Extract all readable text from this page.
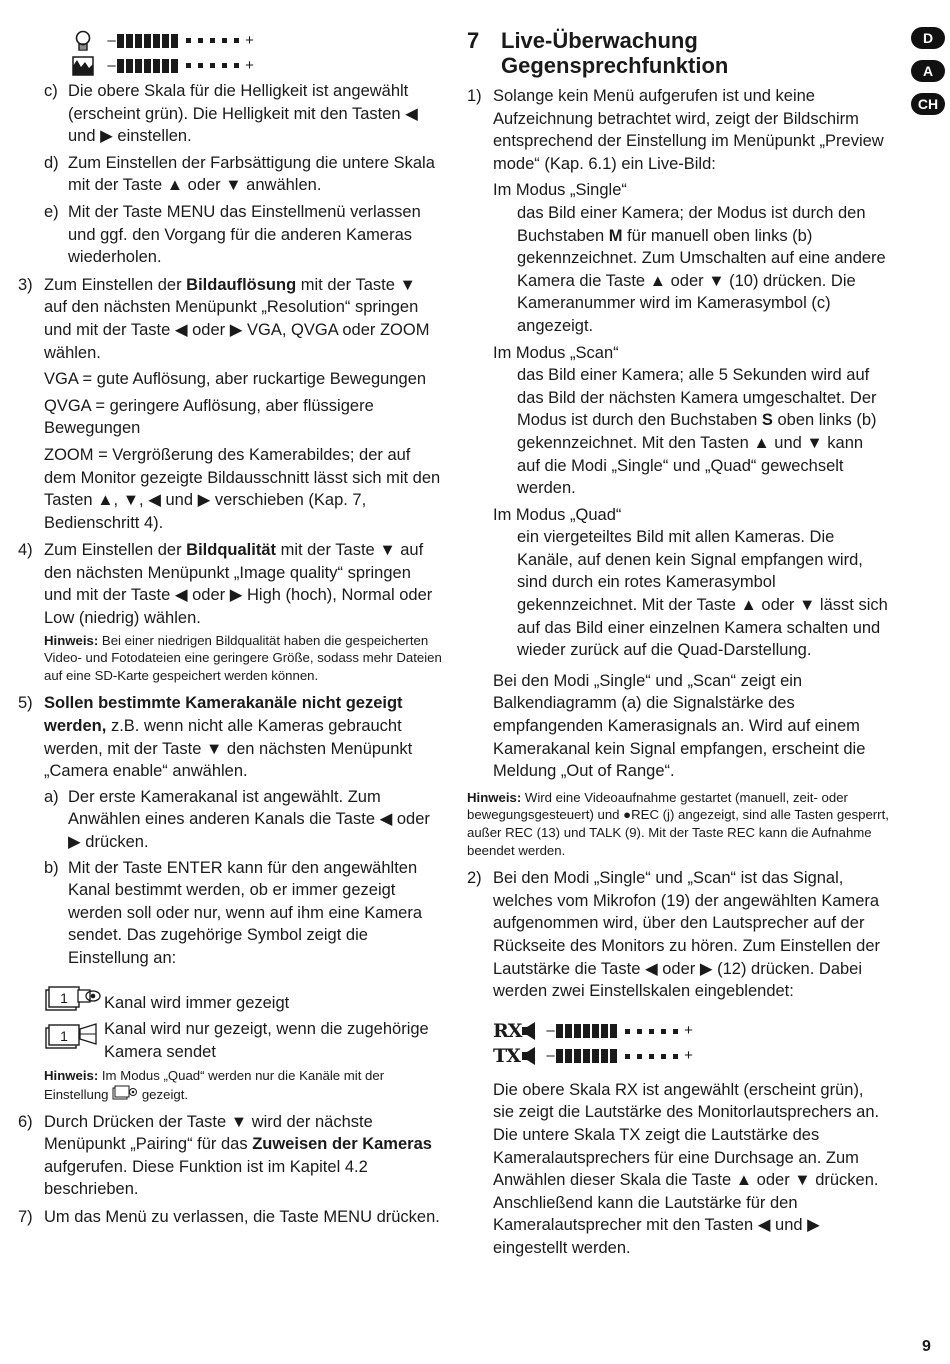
–	+
–	+
c) Die obere Skala für die Helligkeit ist angewählt (erscheint grün). Die Helligkeit mit den Tasten ◀ und ▶ einstellen.
d) Zum Einstellen der Farbsättigung die untere Skala mit der Taste ▲ oder ▼ anwählen.
e) Mit der Taste MENU das Einstellmenü verlassen und ggf. den Vorgang für die anderen Kameras wiederholen.
3) Zum Einstellen der Bildauflösung mit der Taste ▼ auf den nächsten Menüpunkt „Resolution“ springen und mit der Taste ◀ oder ▶ VGA, QVGA oder ZOOM wählen.

VGA = gute Auflösung, aber ruckartige Bewegungen

QVGA = geringere Auflösung, aber flüssigere Bewegungen

ZOOM = Vergrößerung des Kamerabildes; der auf dem Monitor gezeigte Bildausschnitt lässt sich mit den Tasten ▲, ▼, ◀ und ▶ verschieben (Kap. 7, Bedienschritt 4).

4) Zum Einstellen der Bildqualität mit der Taste ▼ auf den nächsten Menüpunkt „Image quality“ springen und mit der Taste ◀ oder ▶ High (hoch), Normal oder Low (niedrig) wählen.

Hinweis: Bei einer niedrigen Bildqualität haben die gespeicherten Video- und Fotodateien eine geringere Größe, sodass mehr Dateien auf eine SD-Karte gespeichert werden können.

5) Sollen bestimmte Kamerakanäle nicht gezeigt werden, z.B. wenn nicht alle Kameras gebraucht werden, mit der Taste ▼ den nächsten Menüpunkt „Camera enable“ anwählen.

a) Der erste Kamerakanal ist angewählt. Zum Anwählen eines anderen Kanals die Taste ◀ oder ▶ drücken.
b) Mit der Taste ENTER kann für den angewählten Kanal bestimmt werden, ob er immer gezeigt werden soll oder nur, wenn auf ihm eine Kamera sendet. Das zugehörige Symbol zeigt die Einstellung an:
1 Kanal wird immer gezeigt
1 Kanal wird nur gezeigt, wenn die zugehörige Kamera sendet

Hinweis: Im Modus „Quad“ werden nur die Kanäle mit der Einstellung  gezeigt.

6) Durch Drücken der Taste ▼ wird der nächste Menüpunkt „Pairing“ für das Zuweisen der Kameras aufgerufen. Diese Funktion ist im Kapitel 4.2 beschrieben.

7) Um das Menü zu verlassen, die Taste MENU drücken.

7 Live-Überwachung
Gegensprechfunktion
1) Solange kein Menü aufgerufen ist und keine Aufzeichnung betrachtet wird, zeigt der Bildschirm entsprechend der Einstellung im Menüpunkt „Preview mode“ (Kap. 6.1) ein Live-Bild:

Im Modus „Single“

das Bild einer Kamera; der Modus ist durch den Buchstaben M für manuell oben links (b) gekennzeichnet. Zum Umschalten auf eine andere Kamera die Taste ▲ oder ▼ (10) drücken. Die Kameranummer wird im Kamerasymbol (c) angezeigt.

Im Modus „Scan“

das Bild einer Kamera; alle 5 Sekunden wird auf das Bild der nächsten Kamera umgeschaltet. Der Modus ist durch den Buchstaben S oben links (b) gekennzeichnet. Mit den Tasten ▲ und ▼ kann auf die Modi „Single“ und „Quad“ gewechselt werden.

Im Modus „Quad“

ein viergeteiltes Bild mit allen Kameras. Die Kanäle, auf denen kein Signal empfangen wird, sind durch ein rotes Kamerasymbol gekennzeichnet. Mit der Taste ▲ oder ▼ lässt sich auf das Bild einer einzelnen Kamera schalten und wieder zurück auf die Quad-Darstellung.

Bei den Modi „Single“ und „Scan“ zeigt ein Balkendiagramm (a) die Signalstärke des empfangenden Kamerasignals an. Wird auf einem Kamerakanal kein Signal empfangen, erscheint die Meldung „Out of Range“.

Hinweis: Wird eine Videoaufnahme gestartet (manuell, zeit- oder bewegungsgesteuert) und ●REC (j) angezeigt, sind alle Tasten gesperrt, außer REC (13) und TALK (9). Mit der Taste REC kann die Aufnahme beendet werden.

2) Bei den Modi „Single“ und „Scan“ ist das Signal, welches vom Mikrofon (19) der angewählten Kamera aufgenommen wird, über den Lautsprecher auf der Rückseite des Monitors zu hören. Zum Einstellen der Lautstärke die Taste ◀ oder ▶ (12) drücken. Dabei werden zwei Einstellskalen eingeblendet:

RX –	+
TX –	+

Die obere Skala RX ist angewählt (erscheint grün), sie zeigt die Lautstärke des Monitorlautsprechers an. Die untere Skala TX zeigt die Lautstärke des Kameralautsprechers für eine Durchsage an. Zum Anwählen dieser Skala die Taste ▲ oder ▼ drücken. Anschließend kann die Lautstärke für den Kameralautsprecher mit den Tasten ◀ und ▶ eingestellt werden.

D
A
CH
9
